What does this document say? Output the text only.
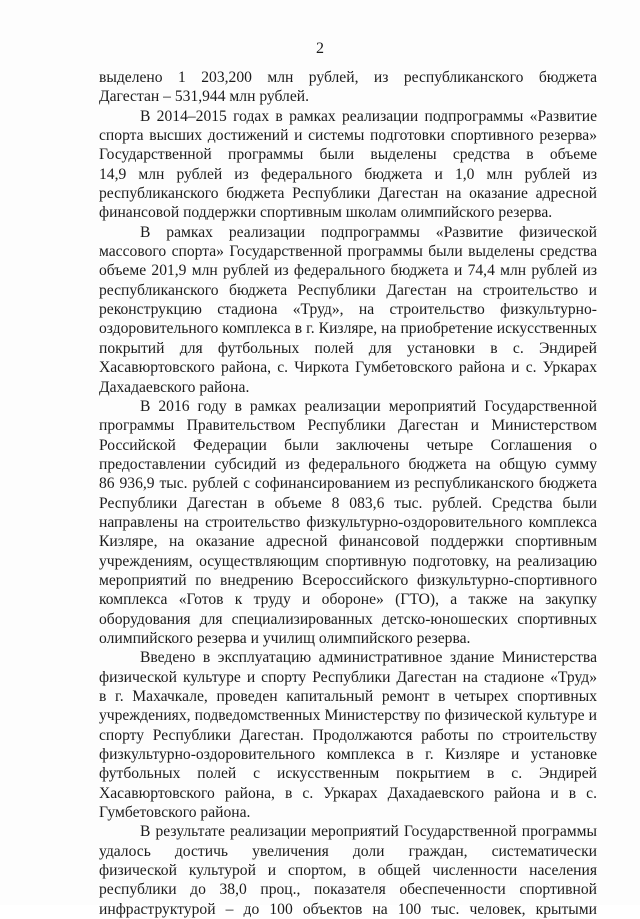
2
выделено 1 203,200 млн рублей, из республиканского бюджета
Дагестан – 531,944 млн рублей.
В 2014–2015 годах в рамках реализации подпрограммы «Развитие
спорта высших достижений и системы подготовки спортивного резерва»
Государственной программы были выделены средства в объеме
14,9 млн рублей из федерального бюджета и 1,0 млн рублей из
республиканского бюджета Республики Дагестан на оказание адресной
финансовой поддержки спортивным школам олимпийского резерва.
В рамках реализации подпрограммы «Развитие физической
массового спорта» Государственной программы были выделены средства
объеме 201,9 млн рублей из федерального бюджета и 74,4 млн рублей из
республиканского бюджета Республики Дагестан на строительство и
реконструкцию стадиона «Труд», на строительство физкультурно-
оздоровительного комплекса в г. Кизляре, на приобретение искусственных
покрытий для футбольных полей для установки в с. Эндирей
Хасавюртовского района, с. Чиркота Гумбетовского района и с. Уркарах
Дахадаевского района.
В 2016 году в рамках реализации мероприятий Государственной
программы Правительством Республики Дагестан и Министерством
Российской Федерации были заключены четыре Соглашения о
предоставлении субсидий из федерального бюджета на общую сумму
86 936,9 тыс. рублей с софинансированием из республиканского бюджета
Республики Дагестан в объеме 8 083,6 тыс. рублей. Средства были
направлены на строительство физкультурно-оздоровительного комплекса
Кизляре, на оказание адресной финансовой поддержки спортивным
учреждениям, осуществляющим спортивную подготовку, на реализацию
мероприятий по внедрению Всероссийского физкультурно-спортивного
комплекса «Готов к труду и обороне» (ГТО), а также на закупку
оборудования для специализированных детско-юношеских спортивных
олимпийского резерва и училищ олимпийского резерва.
Введено в эксплуатацию административное здание Министерства
физической культуре и спорту Республики Дагестан на стадионе «Труд»
в г. Махачкале, проведен капитальный ремонт в четырех спортивных
учреждениях, подведомственных Министерству по физической культуре и
спорту Республики Дагестан. Продолжаются работы по строительству
физкультурно-оздоровительного комплекса в г. Кизляре и установке
футбольных полей с искусственным покрытием в с. Эндирей
Хасавюртовского района, в с. Уркарах Дахадаевского района и в с.
Гумбетовского района.
В результате реализации мероприятий Государственной программы
удалось достичь увеличения доли граждан, систематически
физической культурой и спортом, в общей численности населения
республики до 38,0 проц., показателя обеспеченности спортивной
инфраструктурой – до 100 объектов на 100 тыс. человек, крытыми
